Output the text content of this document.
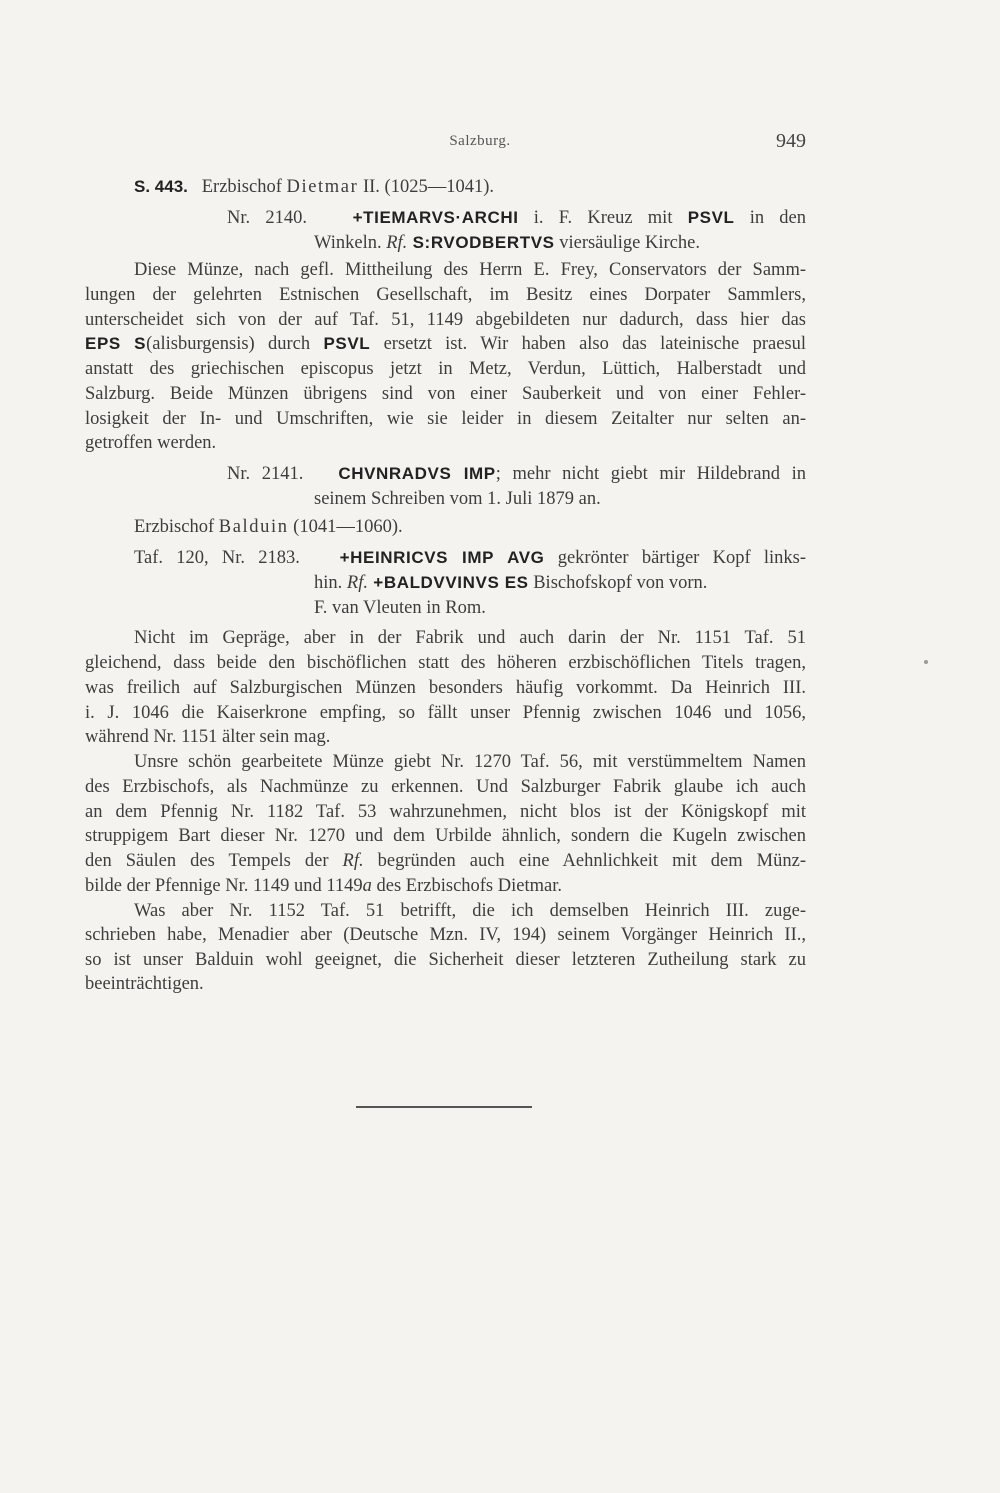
Salzburg.	949
S. 443. Erzbischof Dietmar II. (1025—1041).
Nr. 2140.	+TIEMARVS·ARCHI i. F. Kreuz mit PSVL in den
Winkeln. Rf. S:RVODBERTVS viersäulige Kirche.
Diese Münze, nach gefl. Mittheilung des Herrn E. Frey, Conservators der Samm-
lungen der gelehrten Estnischen Gesellschaft, im Besitz eines Dorpater Sammlers,
unterscheidet sich von der auf Taf. 51, 1149 abgebildeten nur dadurch, dass hier das
EPS S(alisburgensis) durch PSVL ersetzt ist. Wir haben also das lateinische praesul
anstatt des griechischen episcopus jetzt in Metz, Verdun, Lüttich, Halberstadt und
Salzburg. Beide Münzen übrigens sind von einer Sauberkeit und von einer Fehler-
losigkeit der In- und Umschriften, wie sie leider in diesem Zeitalter nur selten an-
getroffen werden.
Nr. 2141. CHVNRADVS IMP; mehr nicht giebt mir Hildebrand in
seinem Schreiben vom 1. Juli 1879 an.
Erzbischof Balduin (1041—1060).
Taf. 120, Nr. 2183. +HEINRICVS IMP AVG gekrönter bärtiger Kopf links-
hin. Rf. +BALDVVINVS ES Bischofskopf von vorn.
F. van Vleuten in Rom.
Nicht im Gepräge, aber in der Fabrik und auch darin der Nr. 1151 Taf. 51
gleichend, dass beide den bischöflichen statt des höheren erzbischöflichen Titels tragen,
was freilich auf Salzburgischen Münzen besonders häufig vorkommt. Da Heinrich III.
i. J. 1046 die Kaiserkrone empfing, so fällt unser Pfennig zwischen 1046 und 1056,
während Nr. 1151 älter sein mag.
Unsre schön gearbeitete Münze giebt Nr. 1270 Taf. 56, mit verstümmeltem Namen
des Erzbischofs, als Nachmünze zu erkennen. Und Salzburger Fabrik glaube ich auch
an dem Pfennig Nr. 1182 Taf. 53 wahrzunehmen, nicht blos ist der Königskopf mit
struppigem Bart dieser Nr. 1270 und dem Urbilde ähnlich, sondern die Kugeln zwischen
den Säulen des Tempels der Rf. begründen auch eine Aehnlichkeit mit dem Münz-
bilde der Pfennige Nr. 1149 und 1149a des Erzbischofs Dietmar.
Was aber Nr. 1152 Taf. 51 betrifft, die ich demselben Heinrich III. zuge-
schrieben habe, Menadier aber (Deutsche Mzn. IV, 194) seinem Vorgänger Heinrich II.,
so ist unser Balduin wohl geeignet, die Sicherheit dieser letzteren Zutheilung stark zu
beeinträchtigen.
